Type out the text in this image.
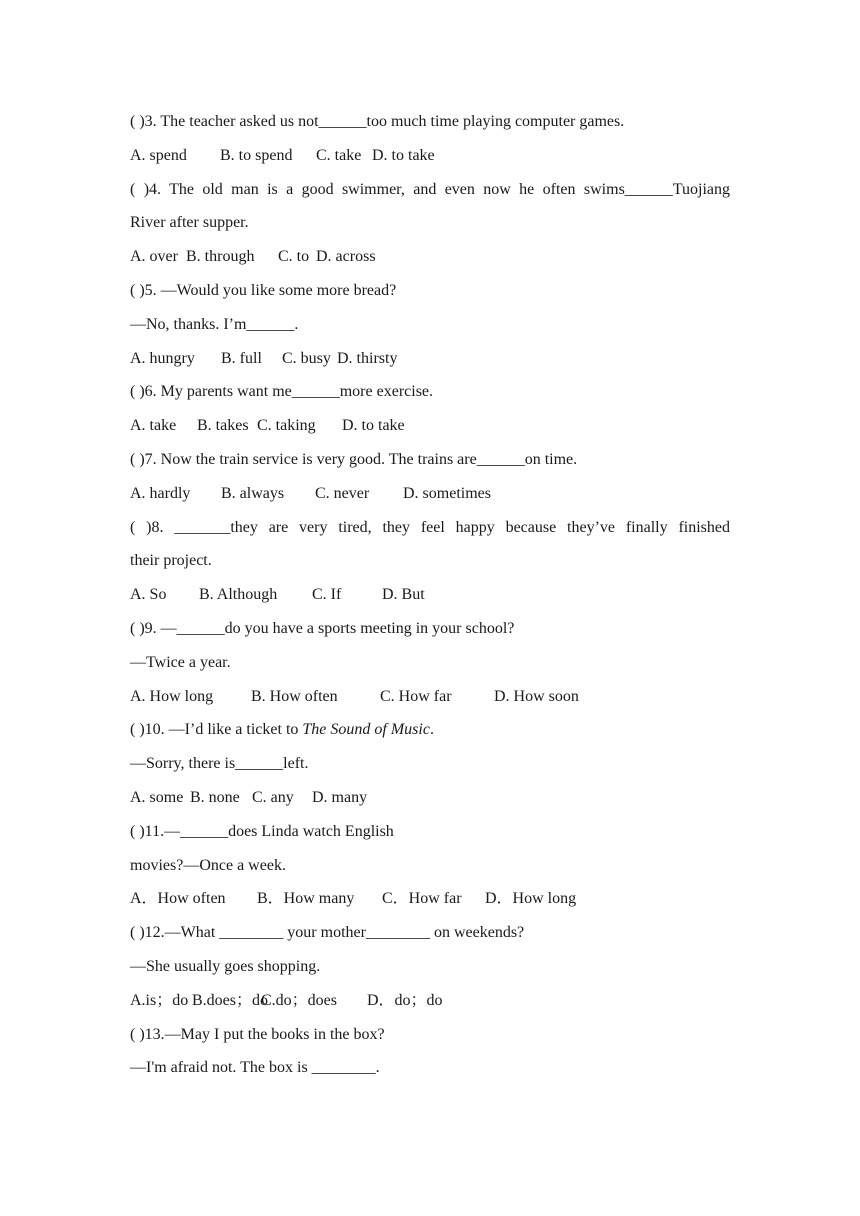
( )3. The teacher asked us not______too much time playing computer games.
A. spend B. to spend C. take D. to take
( )4. The old man is a good swimmer, and even now he often swims______Tuojiang
River after supper.
A. over B. through C. to D. across
( )5. —Would you like some more bread?
—No, thanks. I’m______.
A. hungry B. full C. busy D. thirsty
( )6. My parents want me______more exercise.
A. take B. takes C. taking D. to take
( )7. Now the train service is very good. The trains are______on time.
A. hardly B. always C. never D. sometimes
( )8. _______they are very tired, they feel happy because they’ve finally finished
their project.
A. So B. Although C. If	D. But
( )9. —______do you have a sports meeting in your school?
—Twice a year.
A. How long B. How often	C. How far	D. How soon
( )10. —I’d like a ticket to The Sound of Music.
—Sorry, there is______left.
A. some B. none C. any D. many
( )11.—______does Linda watch English
movies?—Once a week.
A．How often B．How many C．How far D．How long
( )12.—What ________ your mother________ on weekends?
—She usually goes shopping.
A.is；do B.does；doC.do；does D．do；do
( )13.—May I put the books in the box?
—I'm afraid not. The box is ________.
